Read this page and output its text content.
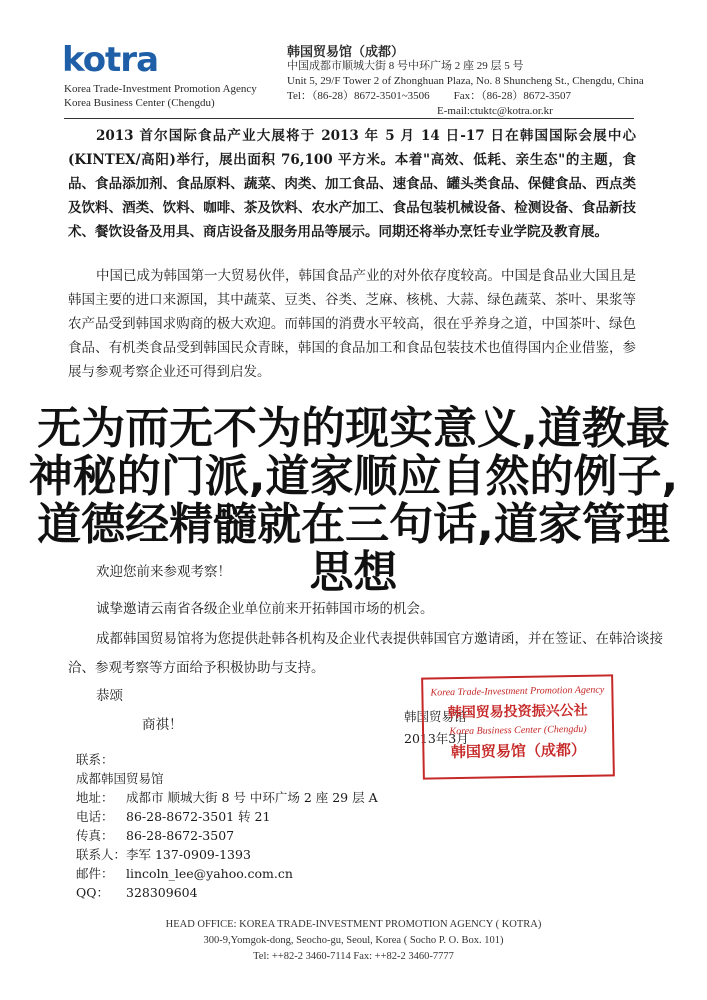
kotra
Korea Trade-Investment Promotion Agency
Korea Business Center (Chengdu)
韩国贸易馆（成都）
中国成都市顺城大街 8 号中环广场 2 座 29 层 5 号
Unit 5, 29/F Tower 2 of Zhonghuan Plaza, No. 8 Shuncheng St., Chengdu, China
Tel：（86-28）8672-3501~3506 Fax：（86-28）8672-3507
E-mail:ctuktc@kotra.or.kr
2013 首尔国际食品产业大展将于 2013 年 5 月 14 日-17 日在韩国国际会展中心(KINTEX/高阳)举行，展出面积 76,100 平方米。本着"高效、低耗、亲生态"的主题，食品、食品添加剂、食品原料、蔬菜、肉类、加工食品、速食品、罐头类食品、保健食品、西点类及饮料、酒类、饮料、咖啡、茶及饮料、农水产加工、食品包装机械设备、检测设备、食品新技术、餐饮设备及用具、商店设备及服务用品等展示。同期还将举办烹饪专业学院及教育展。
中国已成为韩国第一大贸易伙伴，韩国食品产业的对外依存度较高。中国是食品业大国且是韩国主要的进口来源国，其中蔬菜、豆类、谷类、芝麻、核桃、大蒜、绿色蔬菜、茶叶、果浆等农产品受到韩国求购商的极大欢迎。而韩国的消费水平较高，很在乎养身之道，中国茶叶、绿色食品、有机类食品受到韩国民众青睐，韩国的食品加工和食品包装技术也值得国内企业借鉴，参展与参观考察企业还可得到启发。
欢迎您前来参观考察！
诚挚邀请云南省各级企业单位前来开拓韩国市场的机会。
成都韩国贸易馆将为您提供赴韩各机构及企业代表提供韩国官方邀请函，并在签证、在韩洽谈接
洽、参观考察等方面给予积极协助与支持。
恭颂
商祺！
韩国贸易馆
2013年3月
Korea Trade-Investment Promotion Agency
韩国贸易投资振兴公社
Korea Business Center (Chengdu)
韩国贸易馆（成都）
无为而无不为的现实意义,道教最神秘的门派,道家顺应自然的例子,道德经精髓就在三句话,道家管理思想
联系：
成都韩国贸易馆
地址： 成都市 顺城大街 8 号 中环广场 2 座 29 层 A
电话： 86-28-8672-3501 转 21
传真： 86-28-8672-3507
联系人： 李军 137-0909-1393
邮件： lincoln_lee@yahoo.com.cn
QQ：	328309604
HEAD OFFICE: KOREA TRADE-INVESTMENT PROMOTION AGENCY ( KOTRA)
300-9,Yomgok-dong, Seocho-gu, Seoul, Korea ( Socho P. O. Box. 101)
Tel: ++82-2 3460-7114 Fax: ++82-2 3460-7777
